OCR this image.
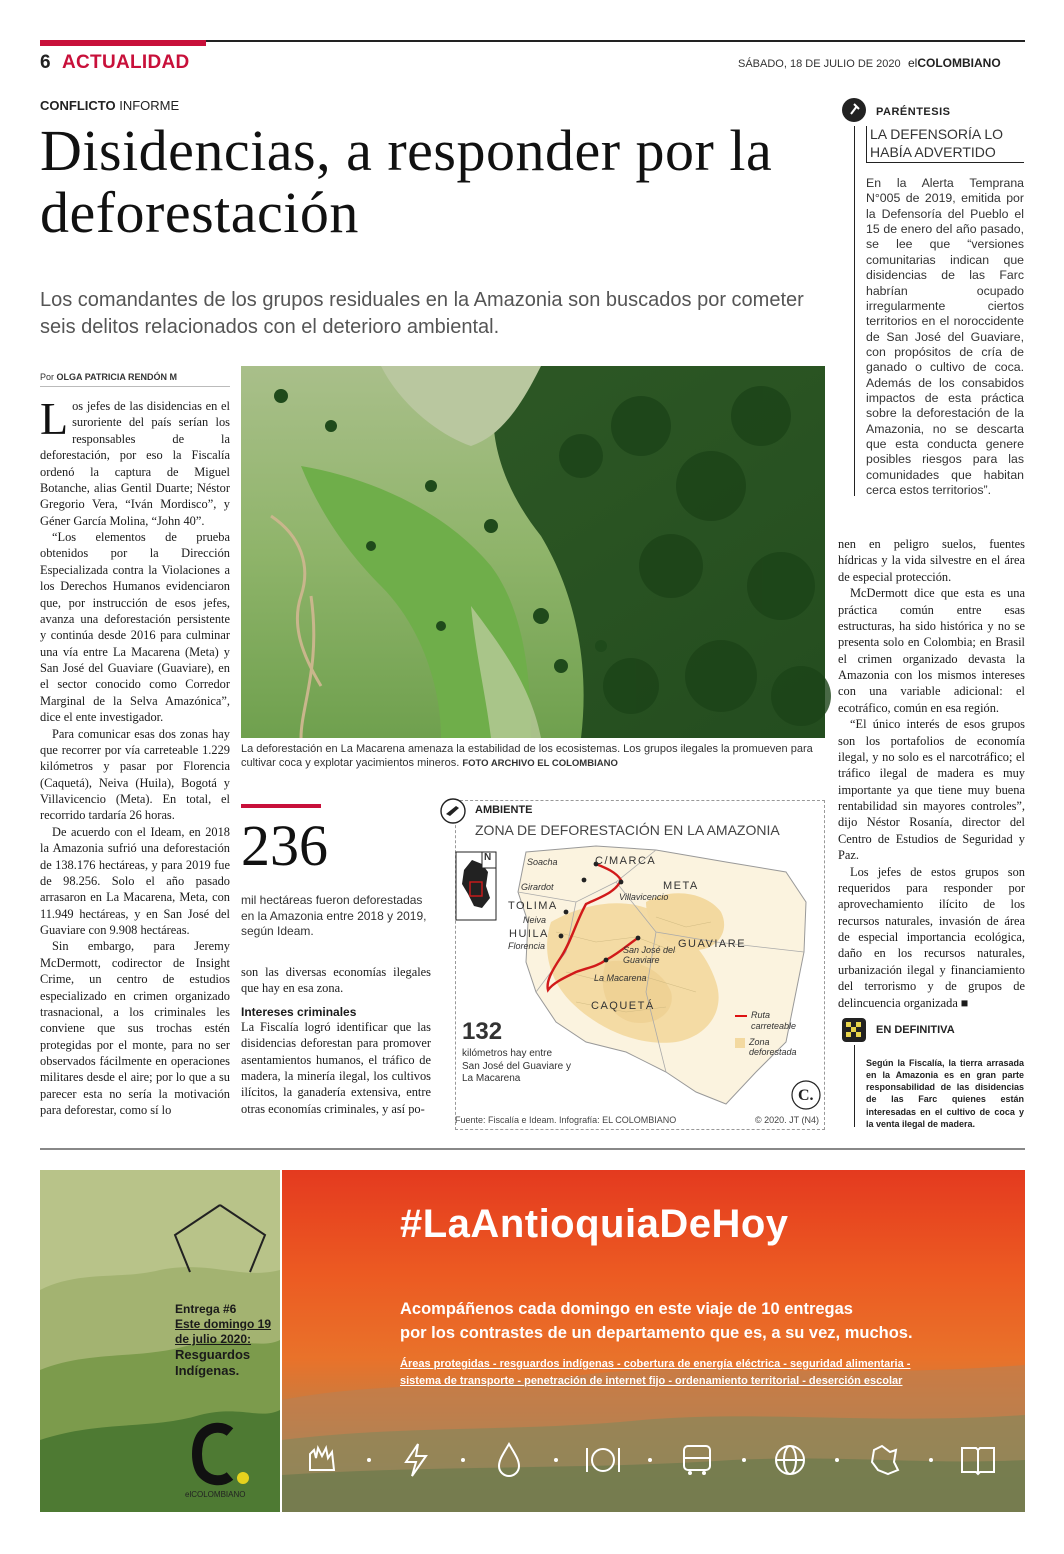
6 ACTUALIDAD	SÁBADO, 18 DE JULIO DE 2020 elCOLOMBIANO
CONFLICTO INFORME
Disidencias, a responder por la deforestación
Los comandantes de los grupos residuales en la Amazonia son buscados por cometer seis delitos relacionados con el deterioro ambiental.
Por OLGA PATRICIA RENDÓN M

Los jefes de las disidencias en el suroriente del país serían los responsables de la deforestación, por eso la Fiscalía ordenó la captura de Miguel Botanche, alias Gentil Duarte; Néstor Gregorio Vera, “Iván Mordisco”, y Géner García Molina, “John 40”.

“Los elementos de prueba obtenidos por la Dirección Especializada contra la Violaciones a los Derechos Humanos evidenciaron que, por instrucción de esos jefes, avanza una deforestación persistente y continúa desde 2016 para culminar una vía entre La Macarena (Meta) y San José del Guaviare (Guaviare), en el sector conocido como Corredor Marginal de la Selva Amazónica”, dice el ente investigador.

Para comunicar esas dos zonas hay que recorrer por vía carreteable 1.229 kilómetros y pasar por Florencia (Caquetá), Neiva (Huila), Bogotá y Villavicencio (Meta). En total, el recorrido tardaría 26 horas.

De acuerdo con el Ideam, en 2018 la Amazonia sufrió una deforestación de 138.176 hectáreas, y para 2019 fue de 98.256. Solo el año pasado arrasaron en La Macarena, Meta, con 11.949 hectáreas, y en San José del Guaviare con 9.908 hectáreas.

Sin embargo, para Jeremy McDermott, codirector de Insight Crime, un centro de estudios especializado en crimen organizado trasnacional, a los criminales les conviene que sus trochas estén protegidas por el monte, para no ser observados fácilmente en operaciones militares desde el aire; por lo que a su parecer esta no sería la motivación para deforestar, como sí lo

La deforestación en La Macarena amenaza la estabilidad de los ecosistemas. Los grupos ilegales la promueven para cultivar coca y explotar yacimientos mineros. FOTO ARCHIVO EL COLOMBIANO
236
mil hectáreas fueron deforestadas en la Amazonia entre 2018 y 2019, según Ideam.

son las diversas economías ilegales que hay en esa zona.

Intereses criminales

La Fiscalía logró identificar que las disidencias deforestan para promover asentamientos humanos, el tráfico de madera, la minería ilegal, los cultivos ilícitos, la ganadería extensiva, entre otras economías criminales, y así po-

AMBIENTE
ZONA DE DEFORESTACIÓN EN LA AMAZONIA
N
C.
Soacha
Girardot
Villavicencio
Neiva
Florencia	San José del Guaviare
La Macarena
C/MARCA
META
TOLIMA
HUILA
GUAVIARE
CAQUETÁ
132
kilómetros hay entre San José del Guaviare y La Macarena
Ruta carreteable
Zona deforestada
Fuente: Fiscalía e Ideam. Infografía: EL COLOMBIANO	© 2020. JT (N4)

nen en peligro suelos, fuentes hídricas y la vida silvestre en el área de especial protección.

McDermott dice que esta es una práctica común entre esas estructuras, ha sido histórica y no se presenta solo en Colombia; en Brasil el crimen organizado devasta la Amazonia con los mismos intereses con una variable adicional: el ecotráfico, común en esa región.

“El único interés de esos grupos son los portafolios de economía ilegal, y no solo es el narcotráfico; el tráfico ilegal de madera es muy importante ya que tiene muy buena rentabilidad sin mayores controles”, dijo Néstor Rosanía, director del Centro de Estudios de Seguridad y Paz.

Los jefes de estos grupos son requeridos para responder por aprovechamiento ilícito de los recursos naturales, invasión de área de especial importancia ecológica, daño en los recursos naturales, urbanización ilegal y financiamiento del terrorismo y de grupos de delincuencia organizada ■

PARÉNTESIS
LA DEFENSORÍA LO HABÍA ADVERTIDO
En la Alerta Temprana N°005 de 2019, emitida por la Defensoría del Pueblo el 15 de enero del año pasado, se lee que “versiones comunitarias indican que disidencias de las Farc habrían ocupado irregularmente ciertos territorios en el noroccidente de San José del Guaviare, con propósitos de cría de ganado o cultivo de coca. Además de los consabidos impactos de esta práctica sobre la deforestación de la Amazonia, no se descarta que esta conducta genere posibles riesgos para las comunidades que habitan cerca estos territorios”.
EN DEFINITIVA
Según la Fiscalía, la tierra arrasada en la Amazonia es en gran parte responsabilidad de las disidencias de las Farc quienes están interesadas en el cultivo de coca y la venta ilegal de madera.
Entrega #6
Este domingo 19 de julio 2020:
Resguardos Indígenas.
elCOLOMBIANO
#LaAntioquiaDeHoy
Acompáñenos cada domingo en este viaje de 10 entregas
por los contrastes de un departamento que es, a su vez, muchos.
Áreas protegidas - resguardos indígenas - cobertura de energía eléctrica - seguridad alimentaria -
sistema de transporte - penetración de internet fijo - ordenamiento territorial - deserción escolar
